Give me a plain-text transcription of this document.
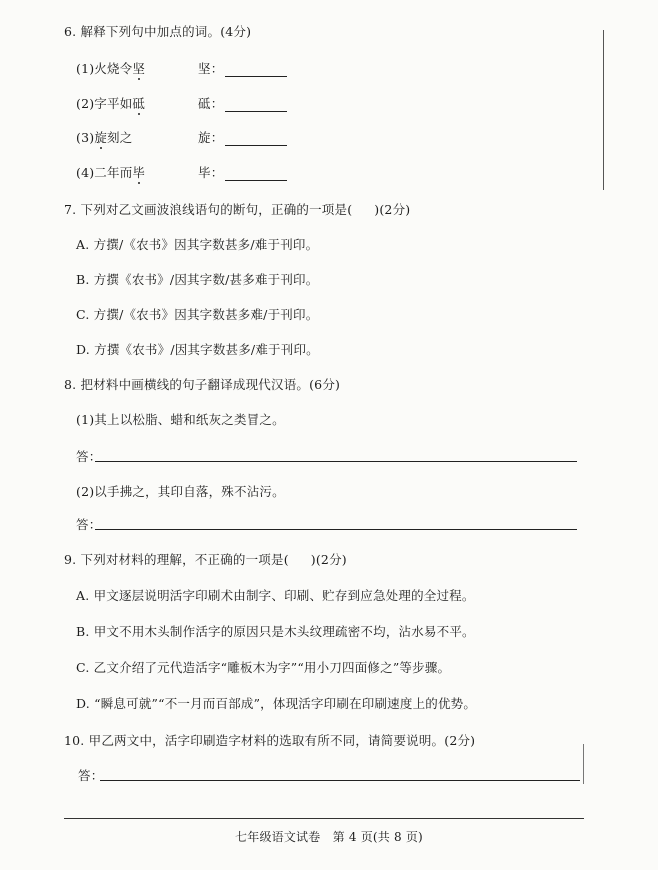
6. 解释下列句中加点的词。(4分)
(1)火烧令坚	坚：
(2)字平如砥	砥：
(3)旋刻之	旋：
(4)二年而毕	毕：
7. 下列对乙文画波浪线语句的断句，正确的一项是( )(2分)
A. 方撰/《农书》因其字数甚多/难于刊印。
B. 方撰《农书》/因其字数/甚多难于刊印。
C. 方撰/《农书》因其字数甚多难/于刊印。
D. 方撰《农书》/因其字数甚多/难于刊印。
8. 把材料中画横线的句子翻译成现代汉语。(6分)
(1)其上以松脂、蜡和纸灰之类冒之。
答：
(2)以手拂之，其印自落，殊不沾污。
答：
9. 下列对材料的理解，不正确的一项是( )(2分)
A. 甲文逐层说明活字印刷术由制字、印刷、贮存到应急处理的全过程。
B. 甲文不用木头制作活字的原因只是木头纹理疏密不均，沾水易不平。
C. 乙文介绍了元代造活字“雕板木为字”“用小刀四面修之”等步骤。
D. “瞬息可就”“不一月而百部成”，体现活字印刷在印刷速度上的优势。
10. 甲乙两文中，活字印刷造字材料的选取有所不同，请简要说明。(2分)
答：
七年级语文试卷　第 4 页(共 8 页)
